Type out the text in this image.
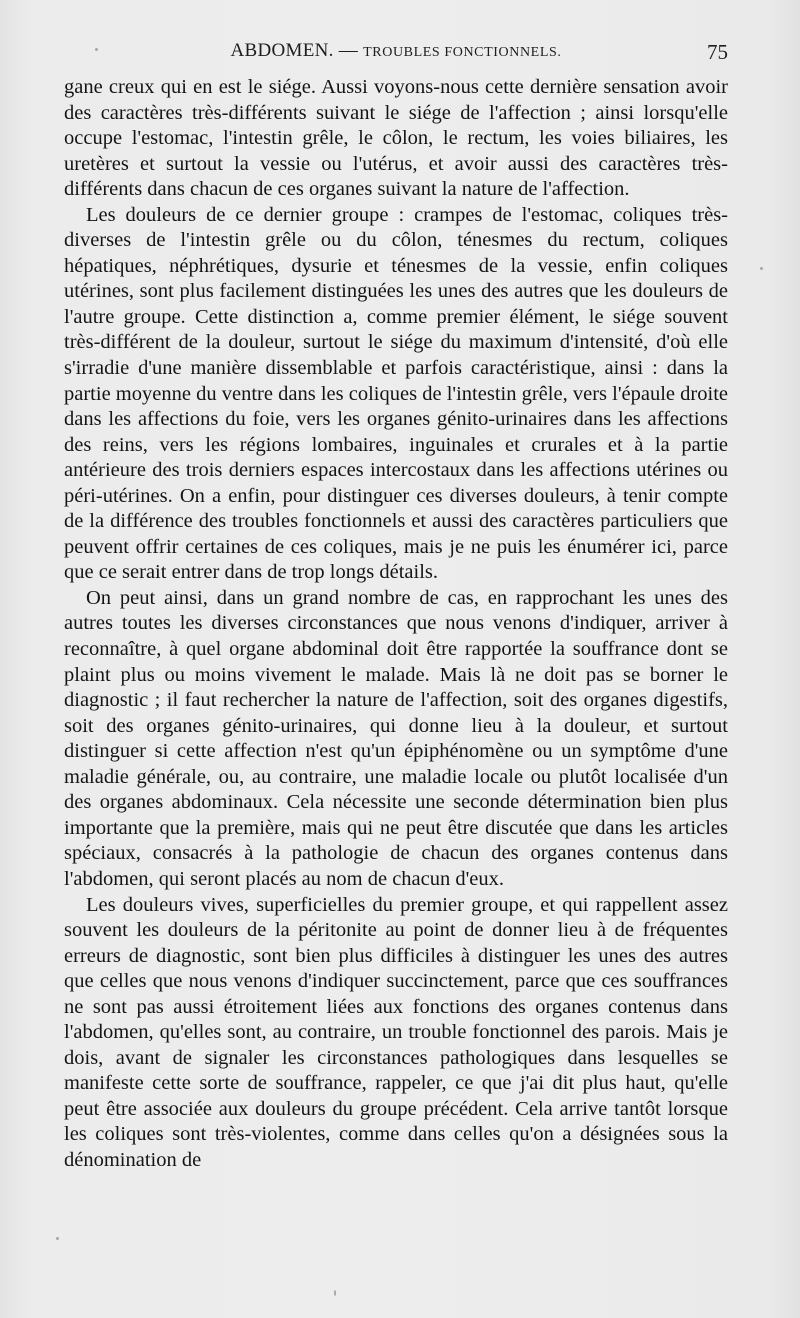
ABDOMEN. — TROUBLES FONCTIONNELS.	75

gane creux qui en est le siége. Aussi voyons-nous cette dernière sensation avoir des caractères très-différents suivant le siége de l'affection ; ainsi lorsqu'elle occupe l'estomac, l'intestin grêle, le côlon, le rectum, les voies biliaires, les uretères et surtout la vessie ou l'utérus, et avoir aussi des caractères très-différents dans chacun de ces organes suivant la nature de l'affection.

Les douleurs de ce dernier groupe : crampes de l'estomac, coliques très-diverses de l'intestin grêle ou du côlon, ténesmes du rectum, coliques hépatiques, néphrétiques, dysurie et ténesmes de la vessie, enfin coliques utérines, sont plus facilement distinguées les unes des autres que les douleurs de l'autre groupe. Cette distinction a, comme premier élément, le siége souvent très-différent de la douleur, surtout le siége du maximum d'intensité, d'où elle s'irradie d'une manière dissemblable et parfois caractéristique, ainsi : dans la partie moyenne du ventre dans les coliques de l'intestin grêle, vers l'épaule droite dans les affections du foie, vers les organes génito-urinaires dans les affections des reins, vers les régions lombaires, inguinales et crurales et à la partie antérieure des trois derniers espaces intercostaux dans les affections utérines ou péri-utérines. On a enfin, pour distinguer ces diverses douleurs, à tenir compte de la différence des troubles fonctionnels et aussi des caractères particuliers que peuvent offrir certaines de ces coliques, mais je ne puis les énumérer ici, parce que ce serait entrer dans de trop longs détails.

On peut ainsi, dans un grand nombre de cas, en rapprochant les unes des autres toutes les diverses circonstances que nous venons d'indiquer, arriver à reconnaître, à quel organe abdominal doit être rapportée la souffrance dont se plaint plus ou moins vivement le malade. Mais là ne doit pas se borner le diagnostic ; il faut rechercher la nature de l'affection, soit des organes digestifs, soit des organes génito-urinaires, qui donne lieu à la douleur, et surtout distinguer si cette affection n'est qu'un épiphénomène ou un symptôme d'une maladie générale, ou, au contraire, une maladie locale ou plutôt localisée d'un des organes abdominaux. Cela nécessite une seconde détermination bien plus importante que la première, mais qui ne peut être discutée que dans les articles spéciaux, consacrés à la pathologie de chacun des organes contenus dans l'abdomen, qui seront placés au nom de chacun d'eux.

Les douleurs vives, superficielles du premier groupe, et qui rappellent assez souvent les douleurs de la péritonite au point de donner lieu à de fréquentes erreurs de diagnostic, sont bien plus difficiles à distinguer les unes des autres que celles que nous venons d'indiquer succinctement, parce que ces souffrances ne sont pas aussi étroitement liées aux fonctions des organes contenus dans l'abdomen, qu'elles sont, au contraire, un trouble fonctionnel des parois. Mais je dois, avant de signaler les circonstances pathologiques dans lesquelles se manifeste cette sorte de souffrance, rappeler, ce que j'ai dit plus haut, qu'elle peut être associée aux douleurs du groupe précédent. Cela arrive tantôt lorsque les coliques sont très-violentes, comme dans celles qu'on a désignées sous la dénomination de
